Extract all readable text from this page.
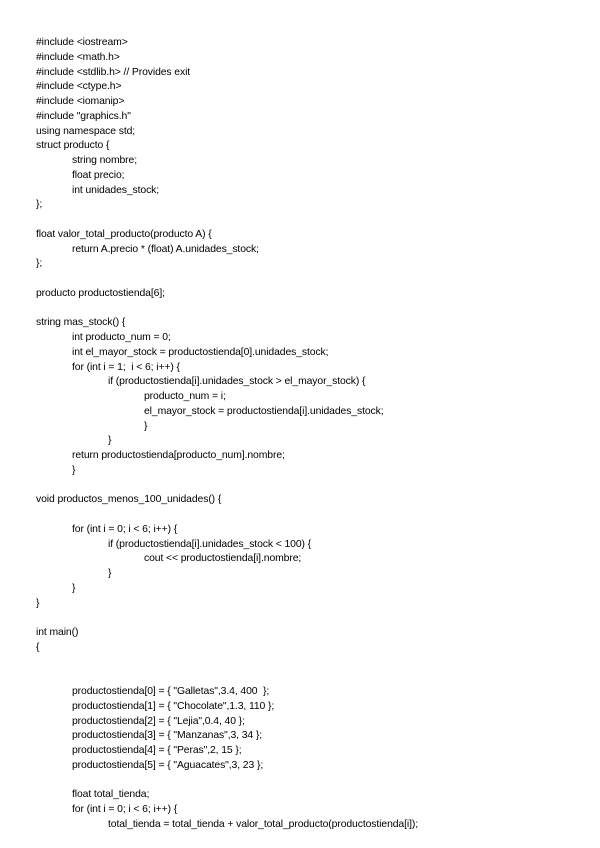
#include <iostream>
#include <math.h>
#include <stdlib.h> // Provides exit
#include <ctype.h>
#include <iomanip>
#include "graphics.h"
using namespace std;
struct producto {
string nombre;
float precio;
int unidades_stock;
};
float valor_total_producto(producto A) {
return A.precio * (float) A.unidades_stock;
};
producto productostienda[6];
string mas_stock() {
int producto_num = 0;
int el_mayor_stock = productostienda[0].unidades_stock;
for (int i = 1;  i < 6; i++) {
if (productostienda[i].unidades_stock > el_mayor_stock) {
producto_num = i;
el_mayor_stock = productostienda[i].unidades_stock;
}
}
return productostienda[producto_num].nombre;
}
void productos_menos_100_unidades() {
for (int i = 0; i < 6; i++) {
if (productostienda[i].unidades_stock < 100) {
cout << productostienda[i].nombre;
}
}
}
int main()
{
productostienda[0] = { "Galletas",3.4, 400  };
productostienda[1] = { "Chocolate",1.3, 110 };
productostienda[2] = { "Lejia",0.4, 40 };
productostienda[3] = { "Manzanas",3, 34 };
productostienda[4] = { "Peras",2, 15 };
productostienda[5] = { "Aguacates",3, 23 };
float total_tienda;
for (int i = 0; i < 6; i++) {
total_tienda = total_tienda + valor_total_producto(productostienda[i]);
